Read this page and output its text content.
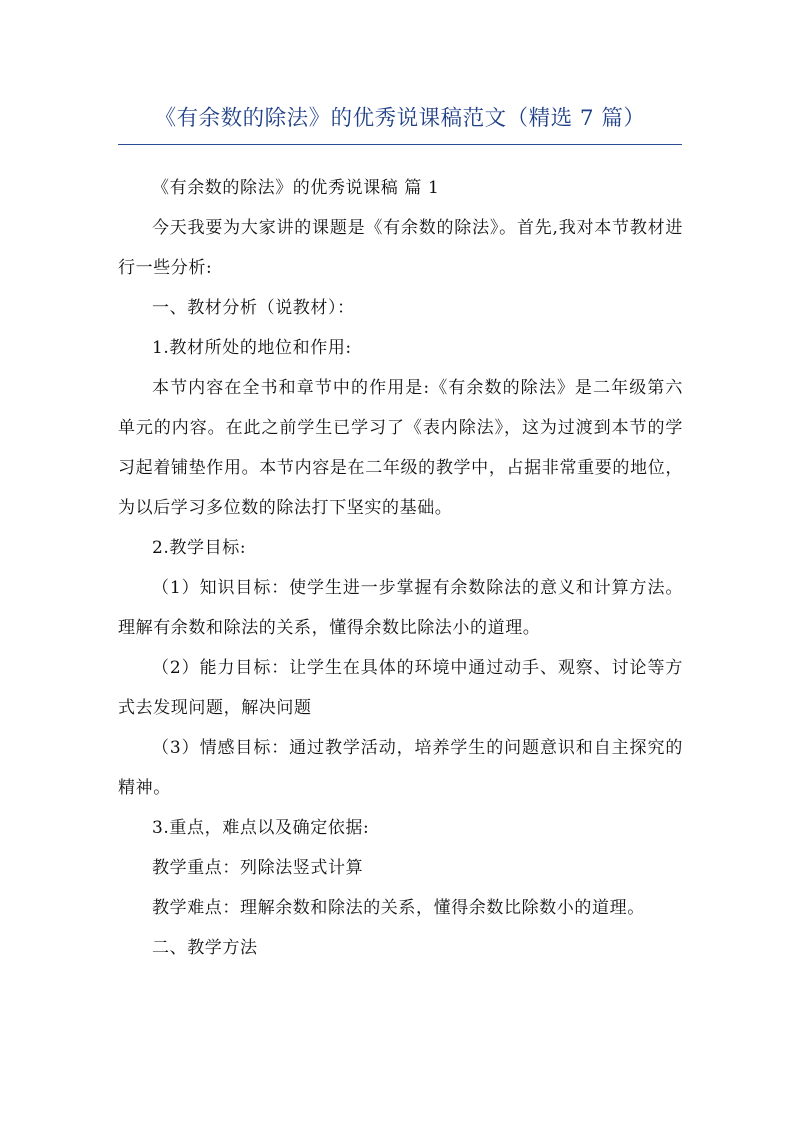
《有余数的除法》的优秀说课稿范文（精选 7 篇）

《有余数的除法》的优秀说课稿 篇 1

今天我要为大家讲的课题是《有余数的除法》。首先,我对本节教材进行一些分析:

一、教材分析（说教材）：

1.教材所处的地位和作用:

本节内容在全书和章节中的作用是:《有余数的除法》是二年级第六单元的内容。在此之前学生已学习了《表内除法》，这为过渡到本节的学习起着铺垫作用。本节内容是在二年级的教学中，占据非常重要的地位，为以后学习多位数的除法打下坚实的基础。

2.教学目标:

（1）知识目标：使学生进一步掌握有余数除法的意义和计算方法。理解有余数和除法的关系，懂得余数比除法小的道理。

（2）能力目标：让学生在具体的环境中通过动手、观察、讨论等方式去发现问题，解决问题

（3）情感目标：通过教学活动，培养学生的问题意识和自主探究的精神。

3.重点，难点以及确定依据:

教学重点：列除法竖式计算

教学难点：理解余数和除法的关系，懂得余数比除数小的道理。

二、教学方法
